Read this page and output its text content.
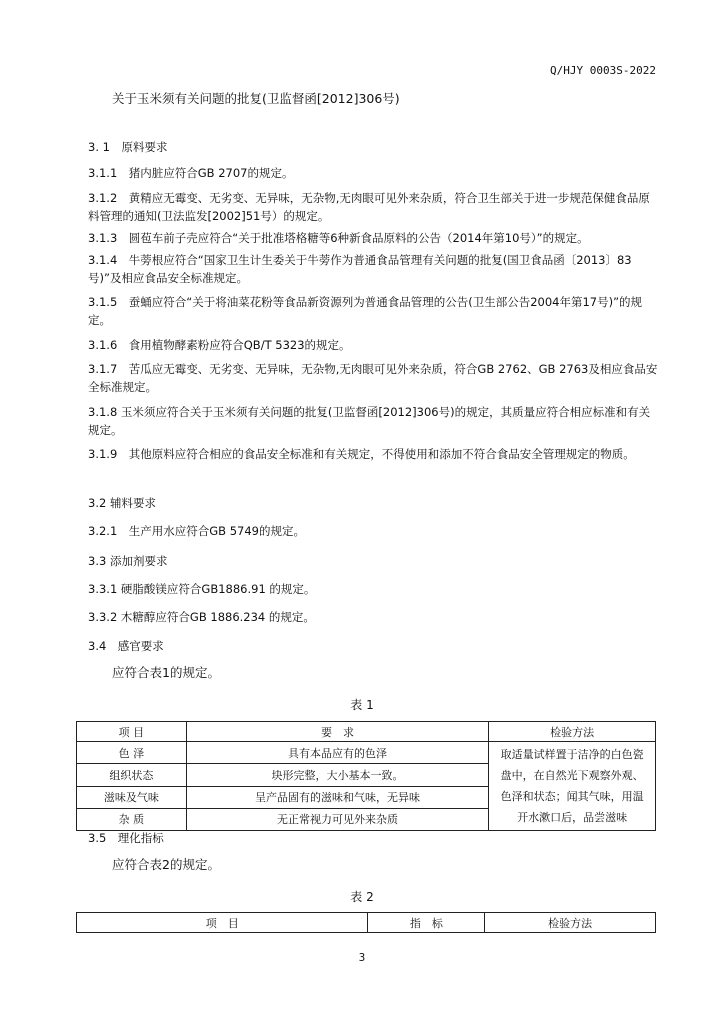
Q/HJY 0003S-2022
关于玉米须有关问题的批复(卫监督函[2012]306号)
3. 1　原料要求
3.1.1　猪内脏应符合GB 2707的规定。
3.1.2　黄精应无霉变、无劣变、无异味，无杂物,无肉眼可见外来杂质，符合卫生部关于进一步规范保健食品原料管理的通知(卫法监发[2002]51号）的规定。
3.1.3　圆苞车前子壳应符合“关于批准塔格糖等6种新食品原料的公告（2014年第10号）”的规定。
3.1.4　牛蒡根应符合“国家卫生计生委关于牛蒡作为普通食品管理有关问题的批复(国卫食品函〔2013〕83号)”及相应食品安全标准规定。
3.1.5　蚕蛹应符合“关于将油菜花粉等食品新资源列为普通食品管理的公告(卫生部公告2004年第17号)”的规定。
3.1.6　食用植物酵素粉应符合QB/T 5323的规定。
3.1.7　苦瓜应无霉变、无劣变、无异味，无杂物,无肉眼可见外来杂质，符合GB 2762、GB 2763及相应食品安全标准规定。
3.1.8 玉米须应符合关于玉米须有关问题的批复(卫监督函[2012]306号)的规定，其质量应符合相应标准和有关规定。
3.1.9　其他原料应符合相应的食品安全标准和有关规定，不得使用和添加不符合食品安全管理规定的物质。
3.2 辅料要求
3.2.1　生产用水应符合GB 5749的规定。
3.3 添加剂要求
3.3.1 硬脂酸镁应符合GB1886.91 的规定。
3.3.2 木糖醇应符合GB 1886.234 的规定。
3.4　感官要求
应符合表1的规定。
表 1
项 目	要　求	检验方法
色 泽	具有本品应有的色泽	取适量试样置于洁净的白色瓷盘中，在自然光下观察外观、色泽和状态；闻其气味，用温开水漱口后，品尝滋味
组织状态	块形完整，大小基本一致。	
滋味及气味	呈产品固有的滋味和气味，无异味	
杂 质	无正常视力可见外来杂质	
3.5　理化指标
应符合表2的规定。
表 2
项　目	指　标	检验方法
3
